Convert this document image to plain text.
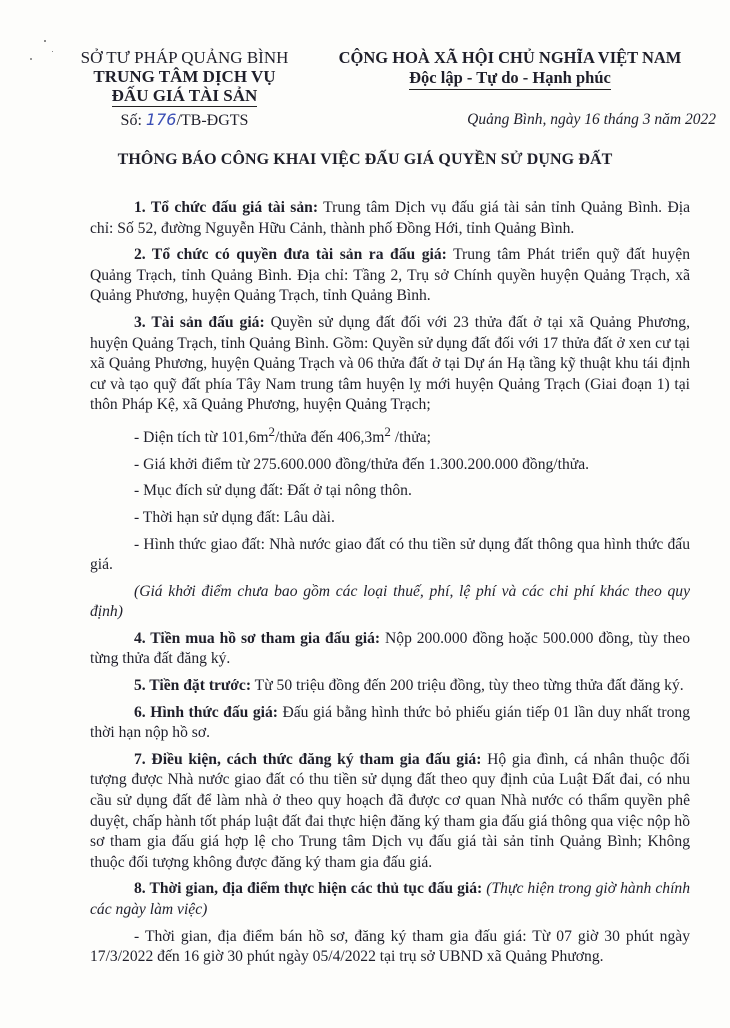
SỞ TƯ PHÁP QUẢNG BÌNH
TRUNG TÂM DỊCH VỤ
ĐẤU GIÁ TÀI SẢN
Số: 176/TB-ĐGTS
CỘNG HOÀ XÃ HỘI CHỦ NGHĨA VIỆT NAM
Độc lập - Tự do - Hạnh phúc
Quảng Bình, ngày 16 tháng 3 năm 2022
THÔNG BÁO CÔNG KHAI VIỆC ĐẤU GIÁ QUYỀN SỬ DỤNG ĐẤT

1. Tổ chức đấu giá tài sản: Trung tâm Dịch vụ đấu giá tài sản tỉnh Quảng Bình. Địa chỉ: Số 52, đường Nguyễn Hữu Cảnh, thành phố Đồng Hới, tỉnh Quảng Bình.

2. Tổ chức có quyền đưa tài sản ra đấu giá: Trung tâm Phát triển quỹ đất huyện Quảng Trạch, tỉnh Quảng Bình. Địa chỉ: Tầng 2, Trụ sở Chính quyền huyện Quảng Trạch, xã Quảng Phương, huyện Quảng Trạch, tỉnh Quảng Bình.

3. Tài sản đấu giá: Quyền sử dụng đất đối với 23 thửa đất ở tại xã Quảng Phương, huyện Quảng Trạch, tỉnh Quảng Bình. Gồm: Quyền sử dụng đất đối với 17 thửa đất ở xen cư tại xã Quảng Phương, huyện Quảng Trạch và 06 thửa đất ở tại Dự án Hạ tầng kỹ thuật khu tái định cư và tạo quỹ đất phía Tây Nam trung tâm huyện lỵ mới huyện Quảng Trạch (Giai đoạn 1) tại thôn Pháp Kệ, xã Quảng Phương, huyện Quảng Trạch;

- Diện tích từ $101,6m^2$/thửa đến $406,3m^2$ /thửa;

- Giá khởi điểm từ 275.600.000 đồng/thửa đến 1.300.200.000 đồng/thửa.

- Mục đích sử dụng đất: Đất ở tại nông thôn.

- Thời hạn sử dụng đất: Lâu dài.

- Hình thức giao đất: Nhà nước giao đất có thu tiền sử dụng đất thông qua hình thức đấu giá.

(Giá khởi điểm chưa bao gồm các loại thuế, phí, lệ phí và các chi phí khác theo quy định)

4. Tiền mua hồ sơ tham gia đấu giá: Nộp 200.000 đồng hoặc 500.000 đồng, tùy theo từng thửa đất đăng ký.

5. Tiền đặt trước: Từ 50 triệu đồng đến 200 triệu đồng, tùy theo từng thửa đất đăng ký.

6. Hình thức đấu giá: Đấu giá bằng hình thức bỏ phiếu gián tiếp 01 lần duy nhất trong thời hạn nộp hồ sơ.

7. Điều kiện, cách thức đăng ký tham gia đấu giá: Hộ gia đình, cá nhân thuộc đối tượng được Nhà nước giao đất có thu tiền sử dụng đất theo quy định của Luật Đất đai, có nhu cầu sử dụng đất để làm nhà ở theo quy hoạch đã được cơ quan Nhà nước có thẩm quyền phê duyệt, chấp hành tốt pháp luật đất đai thực hiện đăng ký tham gia đấu giá thông qua việc nộp hồ sơ tham gia đấu giá hợp lệ cho Trung tâm Dịch vụ đấu giá tài sản tỉnh Quảng Bình; Không thuộc đối tượng không được đăng ký tham gia đấu giá.

8. Thời gian, địa điểm thực hiện các thủ tục đấu giá: (Thực hiện trong giờ hành chính các ngày làm việc)

- Thời gian, địa điểm bán hồ sơ, đăng ký tham gia đấu giá: Từ 07 giờ 30 phút ngày 17/3/2022 đến 16 giờ 30 phút ngày 05/4/2022 tại trụ sở UBND xã Quảng Phương.
